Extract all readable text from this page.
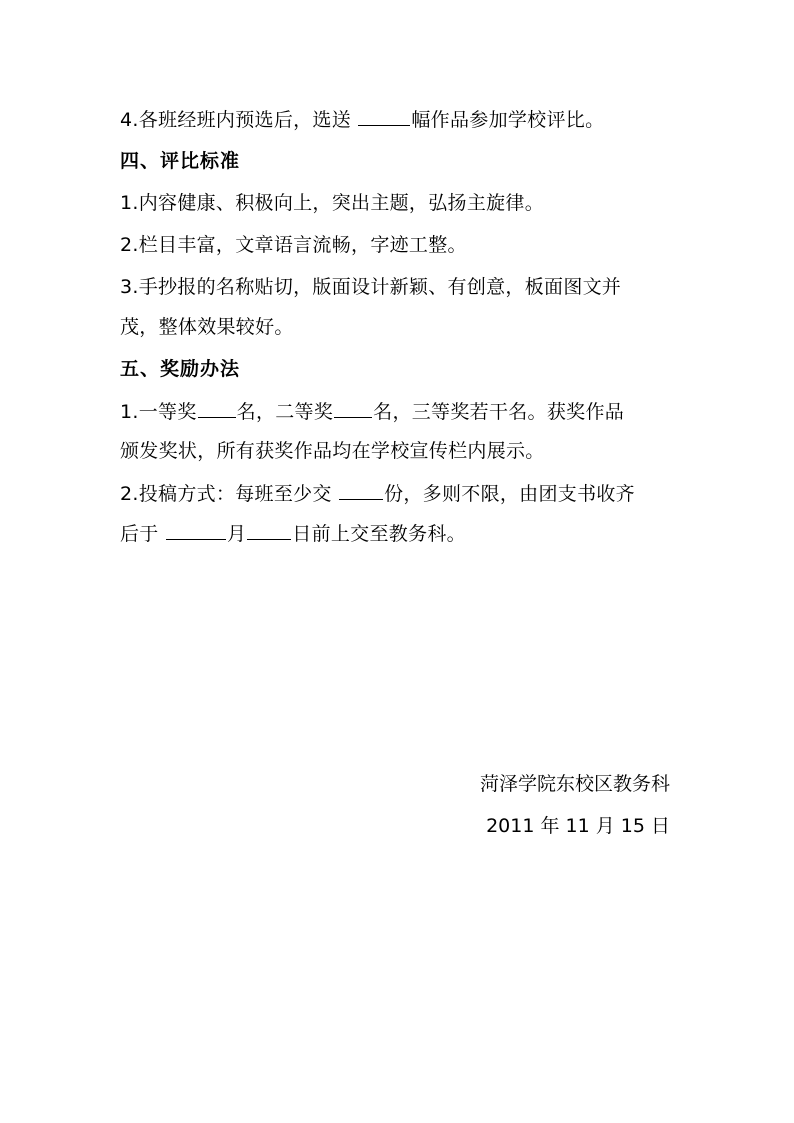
4.各班经班内预选后，选送	幅作品参加学校评比。
四、评比标准
1.内容健康、积极向上，突出主题，弘扬主旋律。
2.栏目丰富，文章语言流畅，字迹工整。
3.手抄报的名称贴切，版面设计新颖、有创意，板面图文并
茂，整体效果较好。
五、奖励办法
1.一等奖 名，二等奖 名，三等奖若干名。获奖作品
颁发奖状，所有获奖作品均在学校宣传栏内展示。
2.投稿方式：每班至少交 份，多则不限，由团支书收齐
后于	月 日前上交至教务科。
菏泽学院东校区教务科
2011 年 11 月 15 日
